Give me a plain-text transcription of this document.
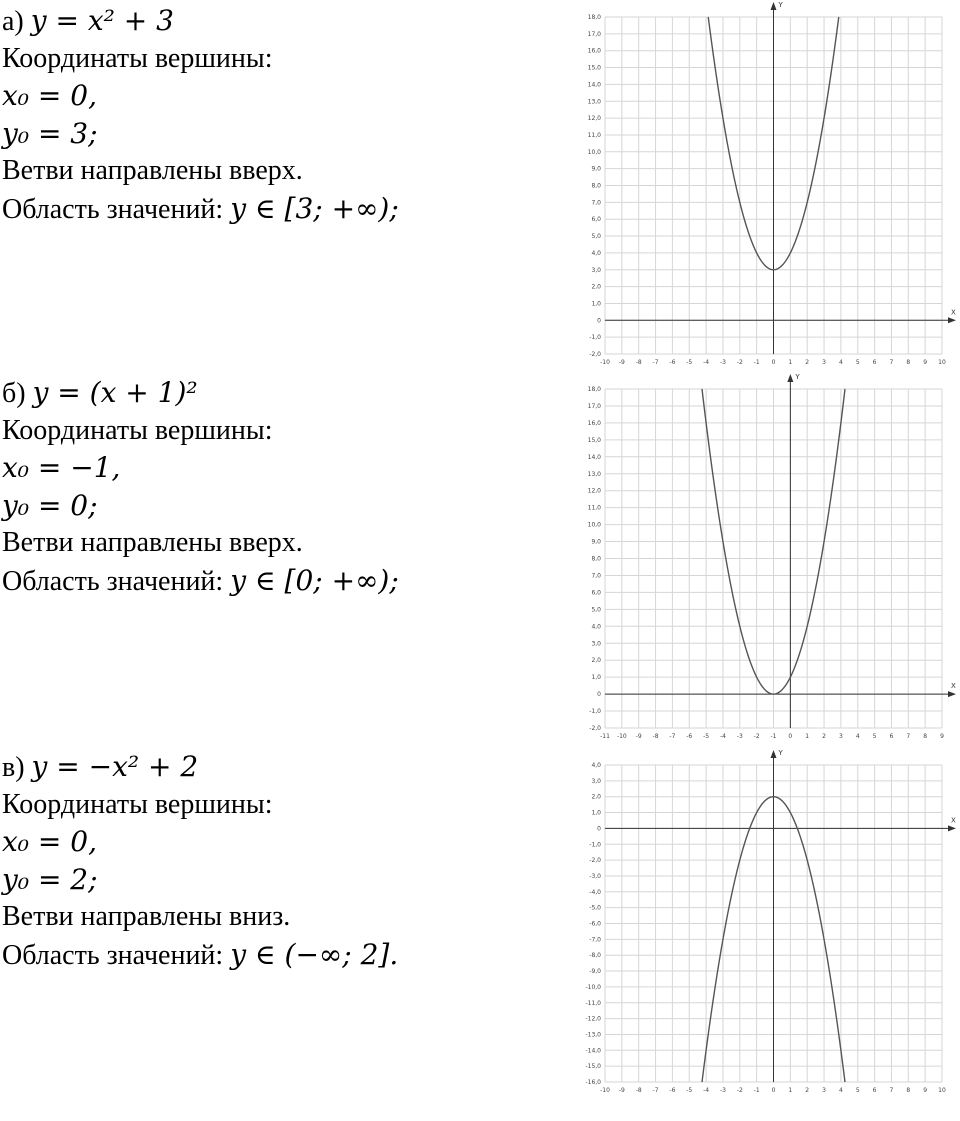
а) y = x² + 3
Координаты вершины:
x₀ = 0,
y₀ = 3;
Ветви направлены вверх.
Область значений: y ∈ [3; +∞);
X
Y
-10 -9 -8 -7 -6 -5 -4 -3 -2 -1 0 1 2 3 4 5 6 7 8 9 10
-2,0
-1,0
0
1,0
2,0
3,0
4,0
5,0
6,0
7,0
8,0
9,0
10,0
11,0
12,0
13,0
14,0
15,0
16,0
17,0
18,0
б) y = (x + 1)²
Координаты вершины:
x₀ = −1,
y₀ = 0;
Ветви направлены вверх.
Область значений: y ∈ [0; +∞);
X
Y
-11 -10 -9 -8 -7 -6 -5 -4 -3 -2 -1 0 1 2 3 4 5 6 7 8 9
-2,0
-1,0
0
1,0
2,0
3,0
4,0
5,0
6,0
7,0
8,0
9,0
10,0
11,0
12,0
13,0
14,0
15,0
16,0
17,0
18,0
в) y = −x² + 2
Координаты вершины:
x₀ = 0,
y₀ = 2;
Ветви направлены вниз.
Область значений: y ∈ (−∞; 2].
X
Y
-10 -9 -8 -7 -6 -5 -4 -3 -2 -1 0 1 2 3 4 5 6 7 8 9 10
-16,0
-15,0
-14,0
-13,0
-12,0
-11,0
-10,0
-9,0
-8,0
-7,0
-6,0
-5,0
-4,0
-3,0
-2,0
-1,0
0
1,0
2,0
3,0
4,0
